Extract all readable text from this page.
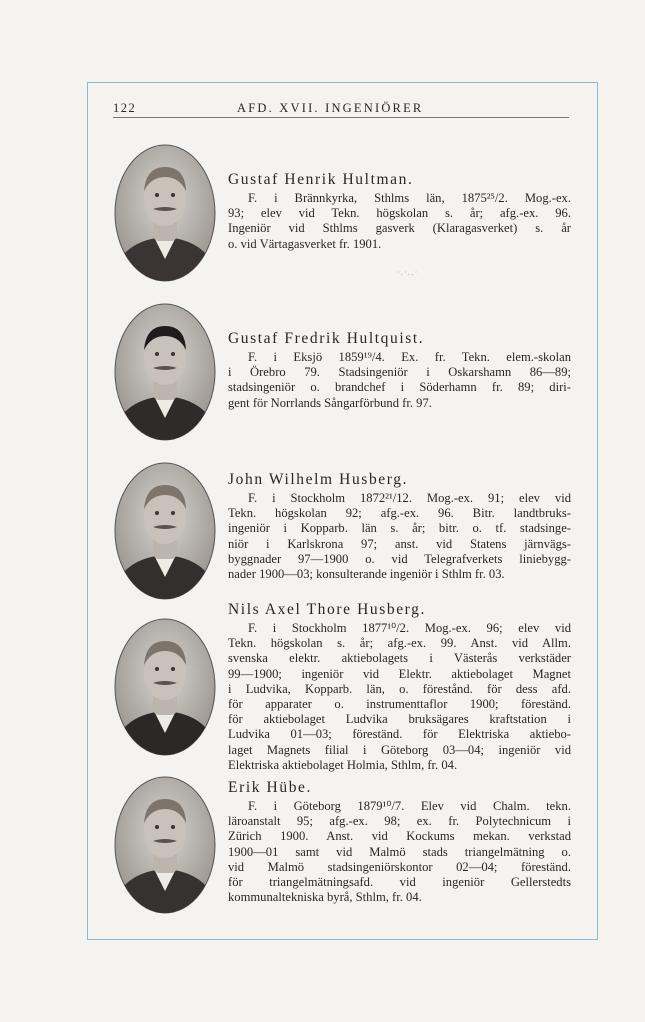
122	AFD. XVII. INGENIÖRER
·.·..·
Gustaf Henrik Hultman.
F. i Brännkyrka, Sthlms län, 1875²⁵/2. Mog.-ex.
93; elev vid Tekn. högskolan s. år; afg.-ex. 96.
Ingeniör vid Sthlms gasverk (Klaragasverket) s. år
o. vid Värtagasverket fr. 1901.
Gustaf Fredrik Hultquist.
F. i Eksjö 1859¹⁹/4. Ex. fr. Tekn. elem.-skolan
i Örebro 79. Stadsingeniör i Oskarshamn 86—89;
stadsingeniör o. brandchef i Söderhamn fr. 89; diri-
gent för Norrlands Sångarförbund fr. 97.
John Wilhelm Husberg.
F. i Stockholm 1872²¹/12. Mog.-ex. 91; elev vid
Tekn. högskolan 92; afg.-ex. 96. Bitr. landtbruks-
ingeniör i Kopparb. län s. år; bitr. o. tf. stadsinge-
niör i Karlskrona 97; anst. vid Statens järnvägs-
byggnader 97—1900 o. vid Telegrafverkets liniebygg-
nader 1900—03; konsulterande ingeniör i Sthlm fr. 03.
Nils Axel Thore Husberg.
F. i Stockholm 1877¹⁰/2. Mog.-ex. 96; elev vid
Tekn. högskolan s. år; afg.-ex. 99. Anst. vid Allm.
svenska elektr. aktiebolagets i Västerås verkstäder
99—1900; ingeniör vid Elektr. aktiebolaget Magnet
i Ludvika, Kopparb. län, o. förestånd. för dess afd.
för apparater o. instrumenttaflor 1900; föreständ.
för aktiebolaget Ludvika bruksägares kraftstation i
Ludvika 01—03; föreständ. för Elektriska aktiebo-
laget Magnets filial i Göteborg 03—04; ingeniör vid
Elektriska aktiebolaget Holmia, Sthlm, fr. 04.
Erik Hübe.
F. i Göteborg 1879¹⁰/7. Elev vid Chalm. tekn.
läroanstalt 95; afg.-ex. 98; ex. fr. Polytechnicum i
Zürich 1900. Anst. vid Kockums mekan. verkstad
1900—01 samt vid Malmö stads triangelmätning o.
vid Malmö stadsingeniörskontor 02—04; föreständ.
för triangelmätningsafd. vid ingeniör Gellerstedts
kommunaltekniska byrå, Sthlm, fr. 04.
